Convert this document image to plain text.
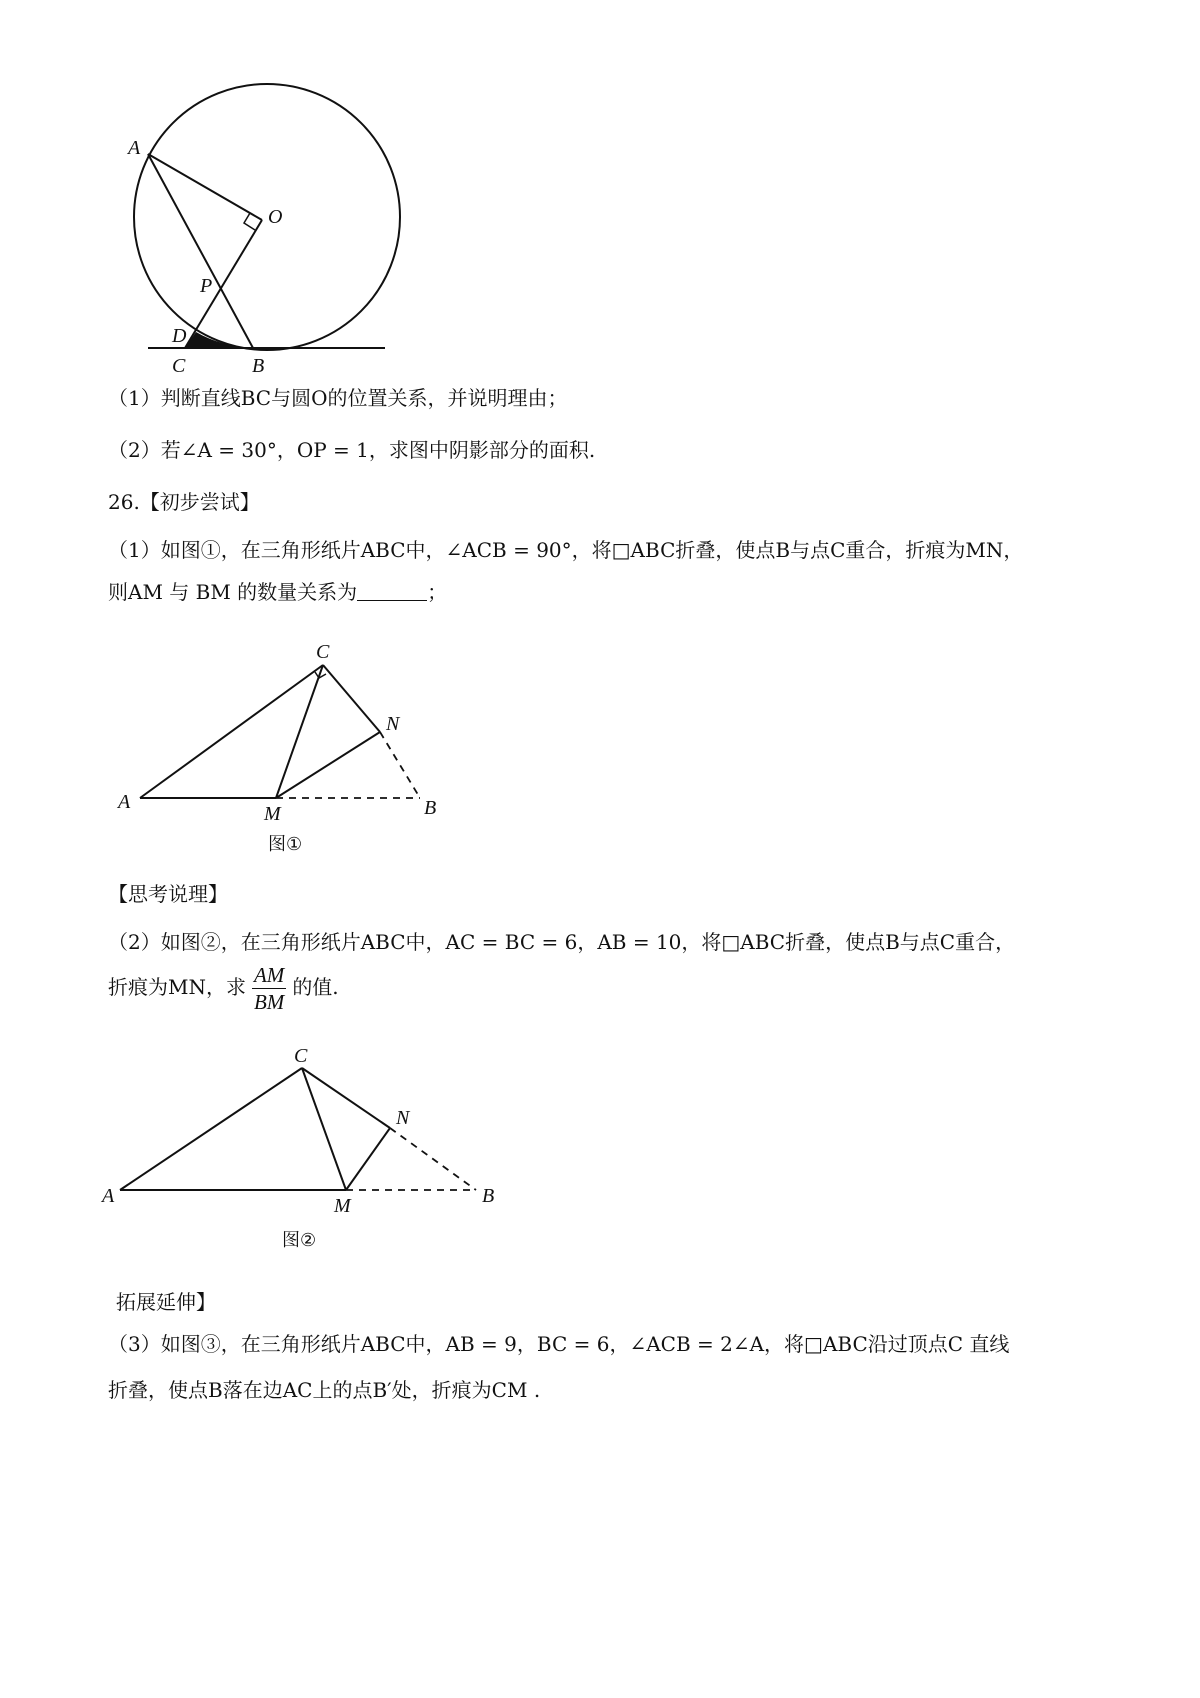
A
O
P
D
C	B
（1）判断直线BC与圆O的位置关系，并说明理由；
（2）若∠A = 30°，OP = 1，求图中阴影部分的面积.
26.【初步尝试】
（1）如图①，在三角形纸片ABC中，∠ACB = 90°，将□ABC折叠，使点B与点C重合，折痕为MN，
则AM 与 BM 的数量关系为	；
A
C
N
M	B
图①
【思考说理】
（2）如图②，在三角形纸片ABC中，AC = BC = 6，AB = 10，将□ABC折叠，使点B与点C重合，
折痕为MN，求 $\frac{AM}{BM}$ 的值.
A
C
N
M	B
图②
拓展延伸】
（3）如图③，在三角形纸片ABC中，AB = 9，BC = 6，∠ACB = 2∠A，将□ABC沿过顶点C 直线
折叠，使点B落在边AC上的点B′处，折痕为CM .
